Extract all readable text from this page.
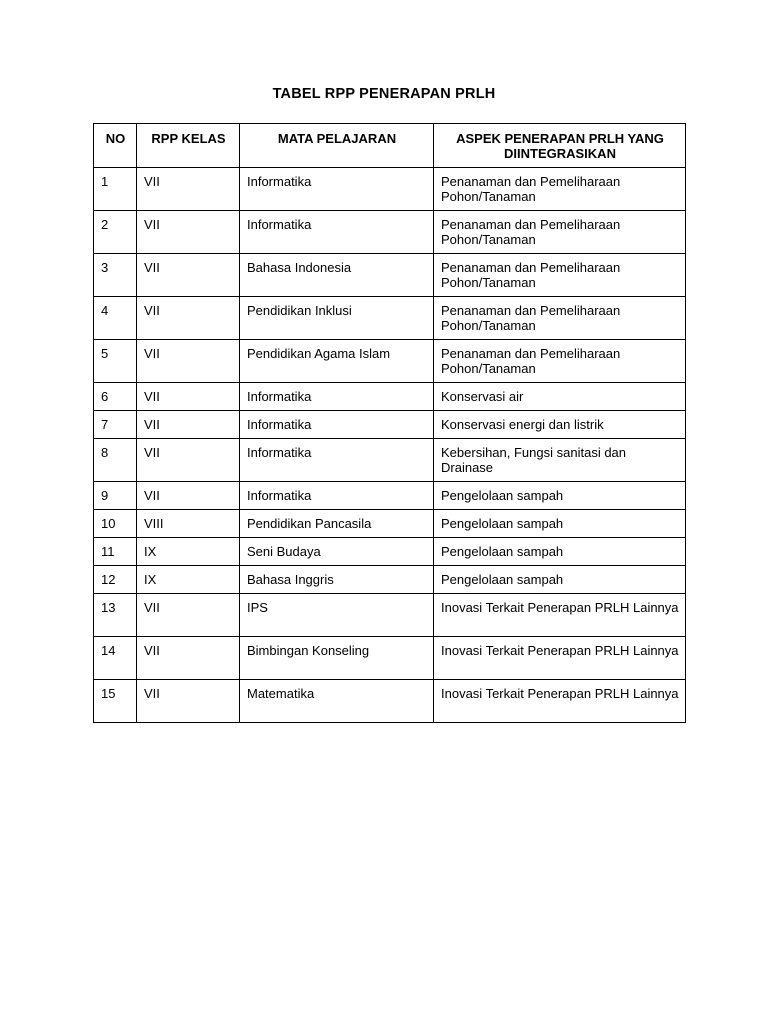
TABEL RPP PENERAPAN PRLH
NO	RPP KELAS	MATA PELAJARAN	ASPEK PENERAPAN PRLH YANG DIINTEGRASIKAN
1	VII	Informatika	Penanaman dan Pemeliharaan Pohon/Tanaman
2	VII	Informatika	Penanaman dan Pemeliharaan Pohon/Tanaman
3	VII	Bahasa Indonesia	Penanaman dan Pemeliharaan Pohon/Tanaman
4	VII	Pendidikan Inklusi	Penanaman dan Pemeliharaan Pohon/Tanaman
5	VII	Pendidikan Agama Islam	Penanaman dan Pemeliharaan Pohon/Tanaman
6	VII	Informatika	Konservasi air
7	VII	Informatika	Konservasi energi dan listrik
8	VII	Informatika	Kebersihan, Fungsi sanitasi dan Drainase
9	VII	Informatika	Pengelolaan sampah
10	VIII	Pendidikan Pancasila	Pengelolaan sampah
11	IX	Seni Budaya	Pengelolaan sampah
12	IX	Bahasa Inggris	Pengelolaan sampah
13	VII	IPS	Inovasi Terkait Penerapan PRLH Lainnya
14	VII	Bimbingan Konseling	Inovasi Terkait Penerapan PRLH Lainnya
15	VII	Matematika	Inovasi Terkait Penerapan PRLH Lainnya
